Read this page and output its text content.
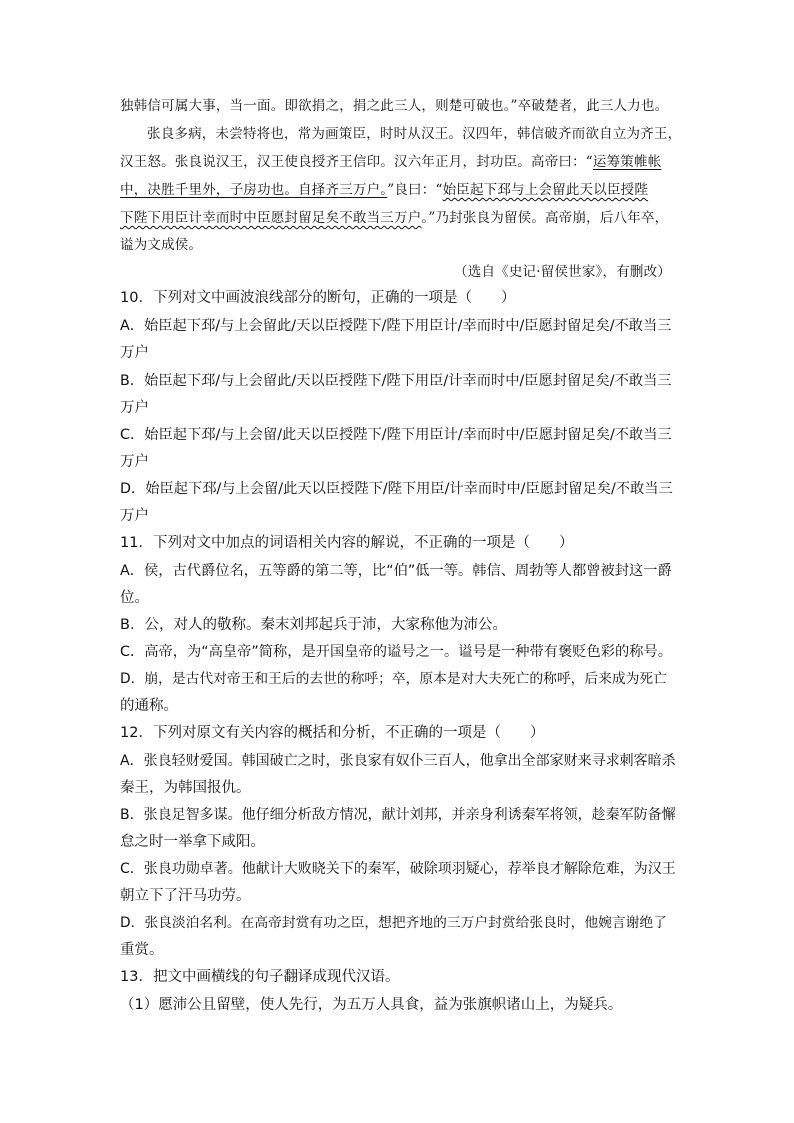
独韩信可属大事，当一面。即欲捐之，捐之此三人，则楚可破也。”卒破楚者，此三人力也。
张良多病，未尝特将也，常为画策臣，时时从汉王。汉四年，韩信破齐而欲自立为齐王，
汉王怒。张良说汉王，汉王使良授齐王信印。汉六年正月，封功臣。高帝曰：“运筹策帷帐
中，决胜千里外，子房功也。自择齐三万户。”良曰：“始臣起下邳与上会留此天以臣授陛
下陛下用臣计幸而时中臣愿封留足矣不敢当三万户。”乃封张良为留侯。高帝崩，后八年卒，
谥为文成侯。
（选自《史记·留侯世家》，有删改）
10．下列对文中画波浪线部分的断句，正确的一项是（　　）
A．始臣起下邳/与上会留此/天以臣授陛下/陛下用臣计/幸而时中/臣愿封留足矣/不敢当三
万户
B．始臣起下邳/与上会留此/天以臣授陛下/陛下用臣/计幸而时中/臣愿封留足矣/不敢当三
万户
C．始臣起下邳/与上会留/此天以臣授陛下/陛下用臣计/幸而时中/臣愿封留足矣/不敢当三
万户
D．始臣起下邳/与上会留/此天以臣授陛下/陛下用臣/计幸而时中/臣愿封留足矣/不敢当三
万户
11．下列对文中加点的词语相关内容的解说，不正确的一项是（　　）
A．侯，古代爵位名，五等爵的第二等，比“伯”低一等。韩信、周勃等人都曾被封这一爵
位。
B．公，对人的敬称。秦末刘邦起兵于沛，大家称他为沛公。
C．高帝，为“高皇帝”简称，是开国皇帝的谥号之一。谥号是一种带有褒贬色彩的称号。
D．崩，是古代对帝王和王后的去世的称呼；卒，原本是对大夫死亡的称呼，后来成为死亡
的通称。
12．下列对原文有关内容的概括和分析，不正确的一项是（　　）
A．张良轻财爱国。韩国破亡之时，张良家有奴仆三百人，他拿出全部家财来寻求刺客暗杀
秦王，为韩国报仇。
B．张良足智多谋。他仔细分析敌方情况，献计刘邦，并亲身利诱秦军将领，趁秦军防备懈
怠之时一举拿下咸阳。
C．张良功勋卓著。他献计大败晓关下的秦军，破除项羽疑心，荐举良才解除危难，为汉王
朝立下了汗马功劳。
D．张良淡泊名利。在高帝封赏有功之臣，想把齐地的三万户封赏给张良时，他婉言谢绝了
重赏。
13．把文中画横线的句子翻译成现代汉语。
（1）愿沛公且留壁，使人先行，为五万人具食，益为张旗帜诸山上，为疑兵。
